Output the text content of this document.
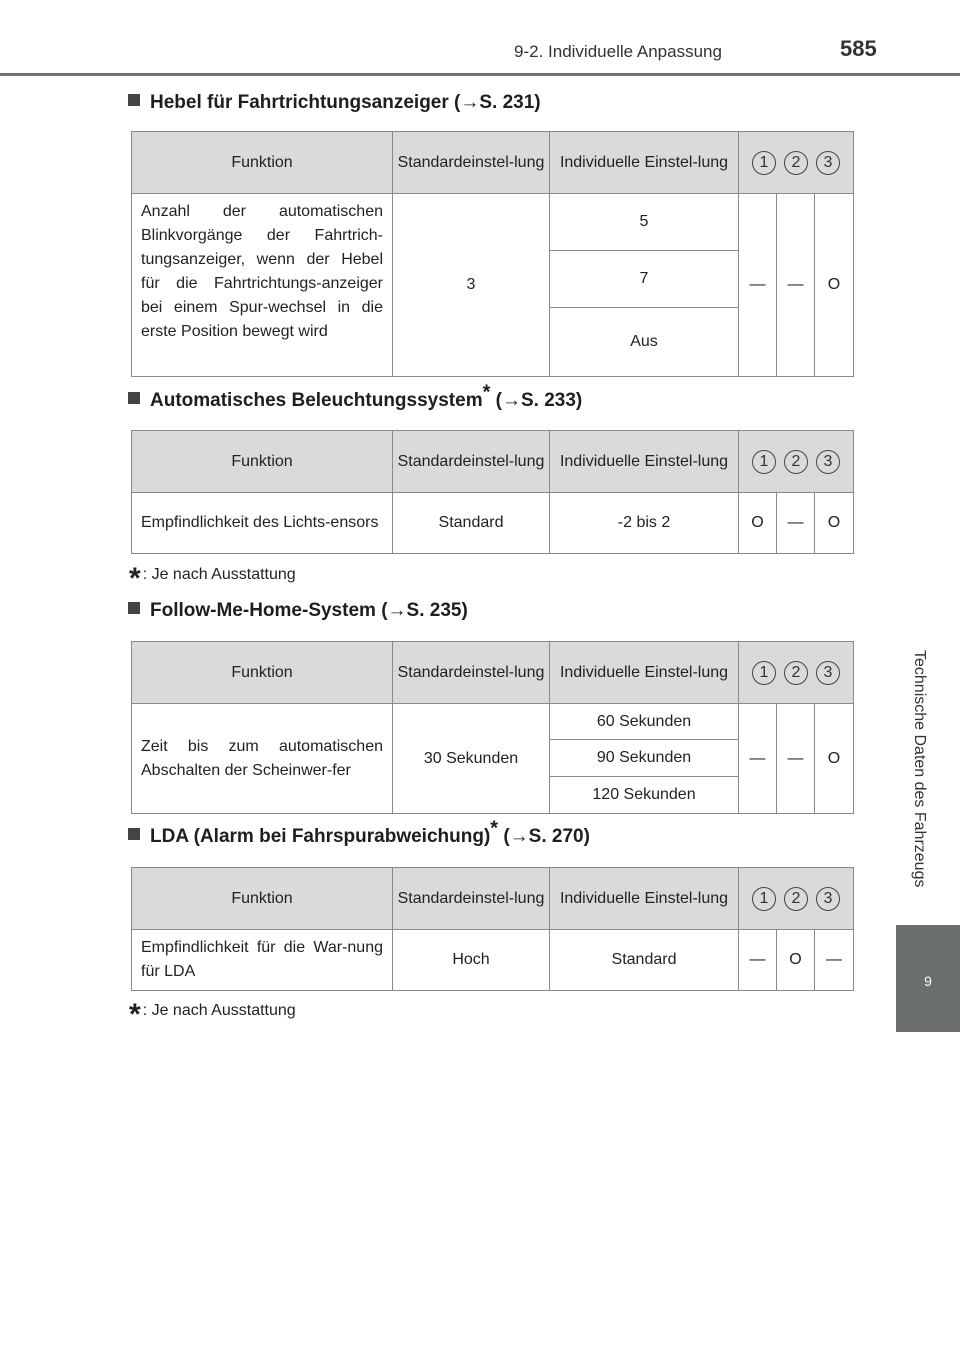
9-2. Individuelle Anpassung	585
Technische Daten des Fahrzeugs
9
Hebel für Fahrtrichtungsanzeiger (→S. 231)
Funktion	Standardeinstel-lung	Individuelle Einstel-lung	1 2 3		
Anzahl der automatischen Blinkvorgänge der Fahrtrich-tungsanzeiger, wenn der Hebel für die Fahrtrichtungs-anzeiger bei einem Spur-wechsel in die erste Position bewegt wird	3	5	—	—	O
		7			
		Aus			
Automatisches Beleuchtungssystem* (→S. 233)
Funktion	Standardeinstel-lung	Individuelle Einstel-lung	1 2 3		
Empfindlichkeit des Lichts-ensors	Standard	-2 bis 2	O	—	O
* : Je nach Ausstattung
Follow-Me-Home-System (→S. 235)
Funktion	Standardeinstel-lung	Individuelle Einstel-lung	1 2 3		
Zeit bis zum automatischen Abschalten der Scheinwer-fer	30 Sekunden	60 Sekunden	—	—	O
		90 Sekunden			
		120 Sekunden			
LDA (Alarm bei Fahrspurabweichung)* (→S. 270)
Funktion	Standardeinstel-lung	Individuelle Einstel-lung	1 2 3		
Empfindlichkeit für die War-nung für LDA	Hoch	Standard	—	O	—
* : Je nach Ausstattung
